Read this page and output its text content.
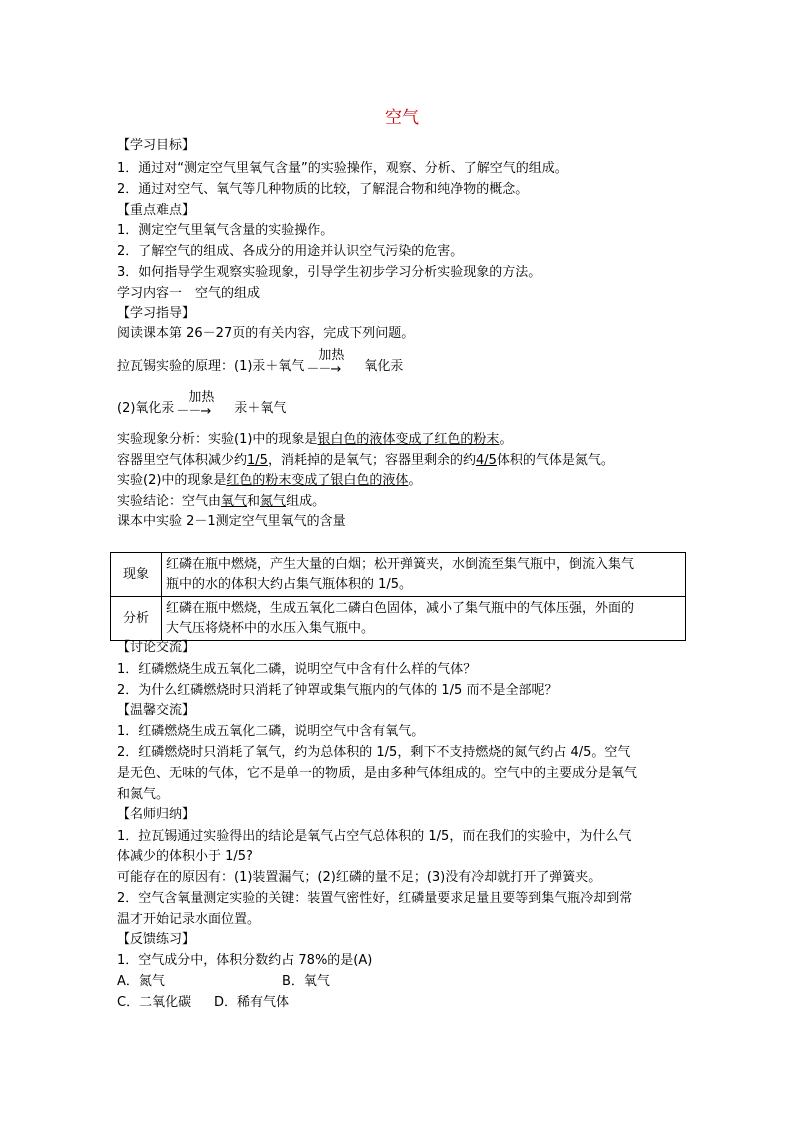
空气
【学习目标】
1．通过对“测定空气里氧气含量”的实验操作，观察、分析、了解空气的组成。
2．通过对空气、氧气等几种物质的比较，了解混合物和纯净物的概念。
【重点难点】
1．测定空气里氧气含量的实验操作。
2．了解空气的组成、各成分的用途并认识空气污染的危害。
3．如何指导学生观察实验现象，引导学生初步学习分析实验现象的方法。
学习内容一　空气的组成
【学习指导】
阅读课本第 26－27页的有关内容，完成下列问题。
拉瓦锡实验的原理：(1)汞＋氧气
加热
－－→	氧化汞
(2)氧化汞
加热
－－→	汞＋氧气
实验现象分析：实验(1)中的现象是银白色的液体变成了红色的粉末。
容器里空气体积减少约1/5，消耗掉的是氧气；容器里剩余的约4/5体积的气体是氮气。
实验(2)中的现象是红色的粉末变成了银白色的液体。
实验结论：空气由氧气和氮气组成。
课本中实验 2－1测定空气里氧气的含量
现象	红磷在瓶中燃烧，产生大量的白烟；松开弹簧夹，水倒流至集气瓶中，倒流入集气
瓶中的水的体积大约占集气瓶体积的 1/5。

分析	红磷在瓶中燃烧，生成五氧化二磷白色固体，减小了集气瓶中的气体压强，外面的
大气压将烧杯中的水压入集气瓶中。
【讨论交流】
1．红磷燃烧生成五氧化二磷，说明空气中含有什么样的气体？
2．为什么红磷燃烧时只消耗了钟罩或集气瓶内的气体的 1/5 而不是全部呢？
【温馨交流】
1．红磷燃烧生成五氧化二磷，说明空气中含有氧气。
2．红磷燃烧时只消耗了氧气，约为总体积的 1/5，剩下不支持燃烧的氮气约占 4/5。空气
是无色、无味的气体，它不是单一的物质，是由多种气体组成的。空气中的主要成分是氧气
和氮气。
【名师归纳】
1．拉瓦锡通过实验得出的结论是氧气占空气总体积的 1/5，而在我们的实验中，为什么气
体减少的体积小于 1/5?
可能存在的原因有：(1)装置漏气；(2)红磷的量不足；(3)没有冷却就打开了弹簧夹。
2．空气含氧量测定实验的关键：装置气密性好，红磷量要求足量且要等到集气瓶冷却到常
温才开始记录水面位置。
【反馈练习】
1．空气成分中，体积分数约占 78%的是(A)
A．氮气	B．氧气
C．二氧化碳 D．稀有气体
